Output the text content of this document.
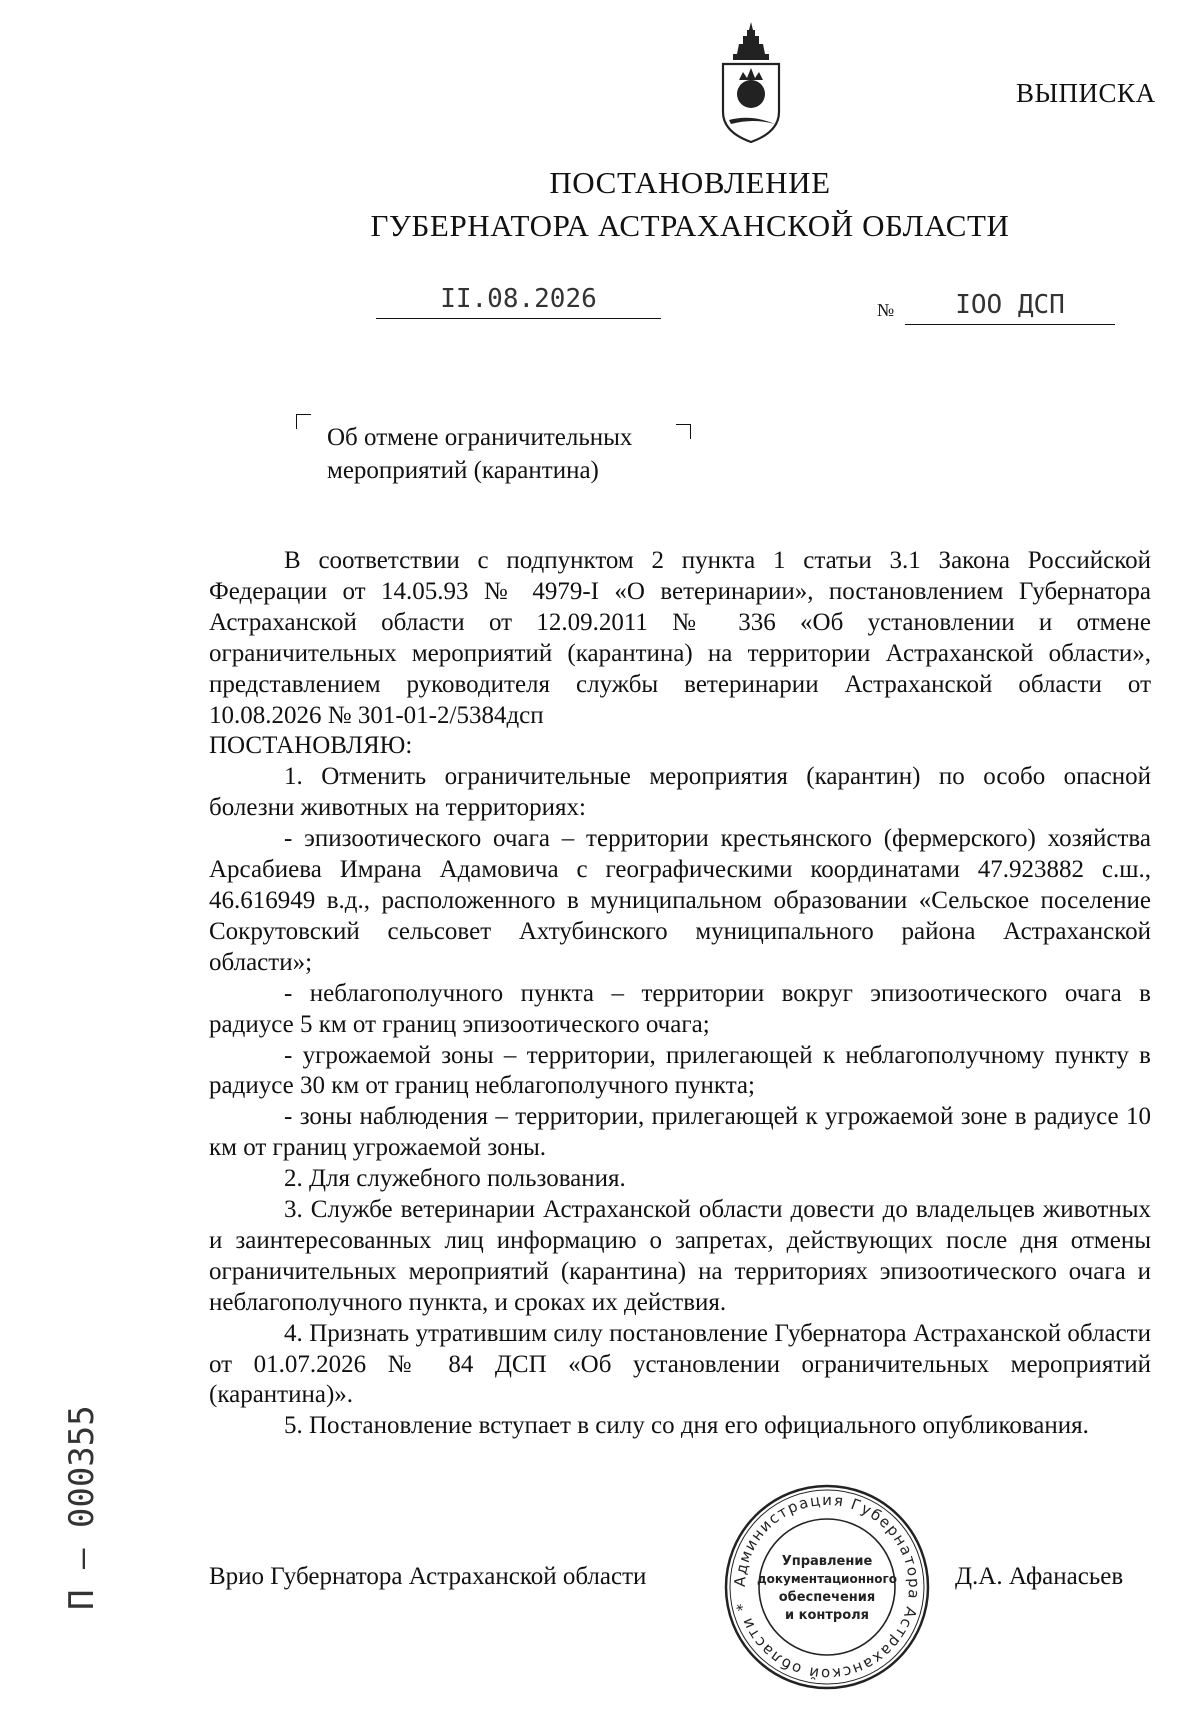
ВЫПИСКА
ПОСТАНОВЛЕНИЕ
ГУБЕРНАТОРА АСТРАХАНСКОЙ ОБЛАСТИ
II.08.2026	№	IОО ДСП
Об отмене ограничительных
мероприятий (карантина)

В соответствии с подпунктом 2 пункта 1 статьи 3.1 Закона Российской Федерации от 14.05.93 № 4979-I «О ветеринарии», постановлением Губернатора Астраханской области от 12.09.2011 № 336 «Об установлении и отмене ограничительных мероприятий (карантина) на территории Астраханской области», представлением руководителя службы ветеринарии Астраханской области от 10.08.2026 № 301-01-2/5384дсп

ПОСТАНОВЛЯЮ:

1. Отменить ограничительные мероприятия (карантин) по особо опасной болезни животных на территориях:

- эпизоотического очага – территории крестьянского (фермерского) хозяйства Арсабиева Имрана Адамовича с географическими координатами 47.923882 с.ш., 46.616949 в.д., расположенного в муниципальном образовании «Сельское поселение Сокрутовский сельсовет Ахтубинского муниципального района Астраханской области»;

- неблагополучного пункта – территории вокруг эпизоотического очага в радиусе 5 км от границ эпизоотического очага;

- угрожаемой зоны – территории, прилегающей к неблагополучному пункту в радиусе 30 км от границ неблагополучного пункта;

- зоны наблюдения – территории, прилегающей к угрожаемой зоне в радиусе 10 км от границ угрожаемой зоны.

2. Для служебного пользования.

3. Службе ветеринарии Астраханской области довести до владельцев животных и заинтересованных лиц информацию о запретах, действующих после дня отмены ограничительных мероприятий (карантина) на территориях эпизоотического очага и неблагополучного пункта, и сроках их действия.

4. Признать утратившим силу постановление Губернатора Астраханской области от 01.07.2026 № 84 ДСП «Об установлении ограничительных мероприятий (карантина)».

5. Постановление вступает в силу со дня его официального опубликования.

Врио Губернатора Астраханской области	Д.А. Афанасьев
Администрация Губернатора Астраханской области *
Управление
документационного
обеспечения
и контроля
П – 000355
